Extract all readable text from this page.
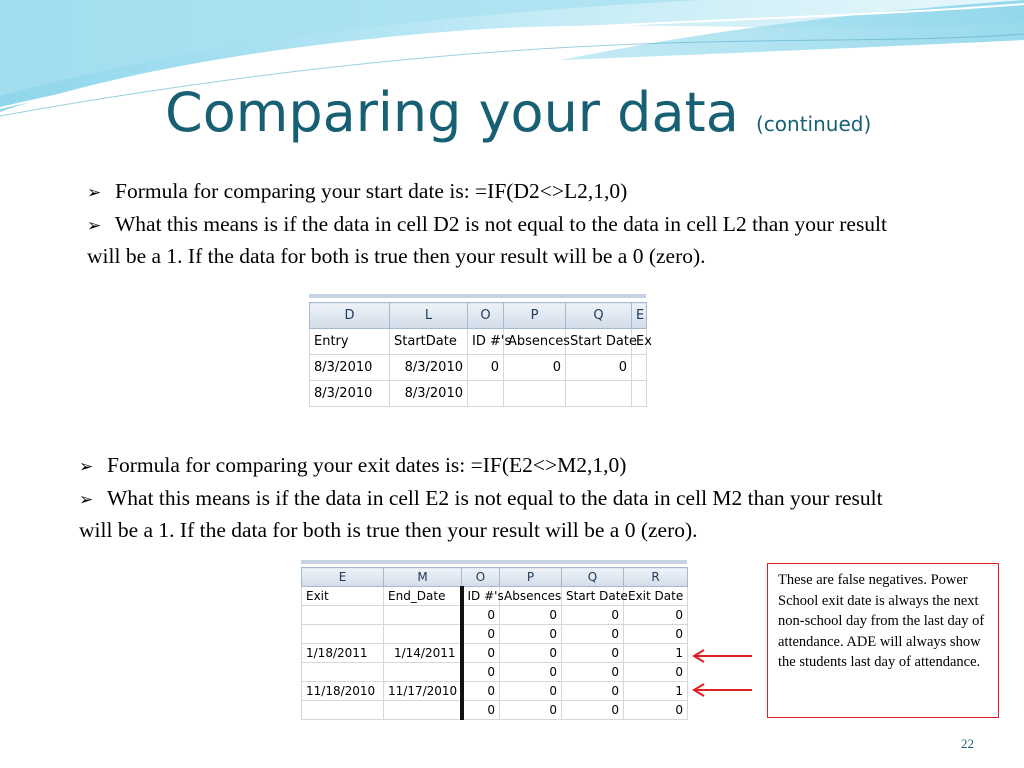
Comparing your data (continued)

➢ Formula for comparing your start date is: =IF(D2<>L2,1,0)

➢ What this means is if the data in cell D2 is not equal to the data in cell L2 than your result will be a 1. If the data for both is true then your result will be a 0 (zero).

D	L	O	P	Q	E
Entry	StartDate	ID #'s	Absences	Start Date	Ex
8/3/2010	8/3/2010	0	0	0	
8/3/2010	8/3/2010				

➢ Formula for comparing your exit dates is: =IF(E2<>M2,1,0)

➢ What this means is if the data in cell E2 is not equal to the data in cell M2 than your result will be a 1. If the data for both is true then your result will be a 0 (zero).

E	M	O	P	Q	R
Exit	End_Date	ID #'s	Absences	Start Date	Exit Date
		0	0	0	0
		0	0	0	0
1/18/2011	1/14/2011	0	0	0	1
		0	0	0	0
11/18/2010	11/17/2010	0	0	0	1
		0	0	0	0
These are false negatives. Power School exit date is always the next non-school day from the last day of attendance. ADE will always show the students last day of attendance.
22
